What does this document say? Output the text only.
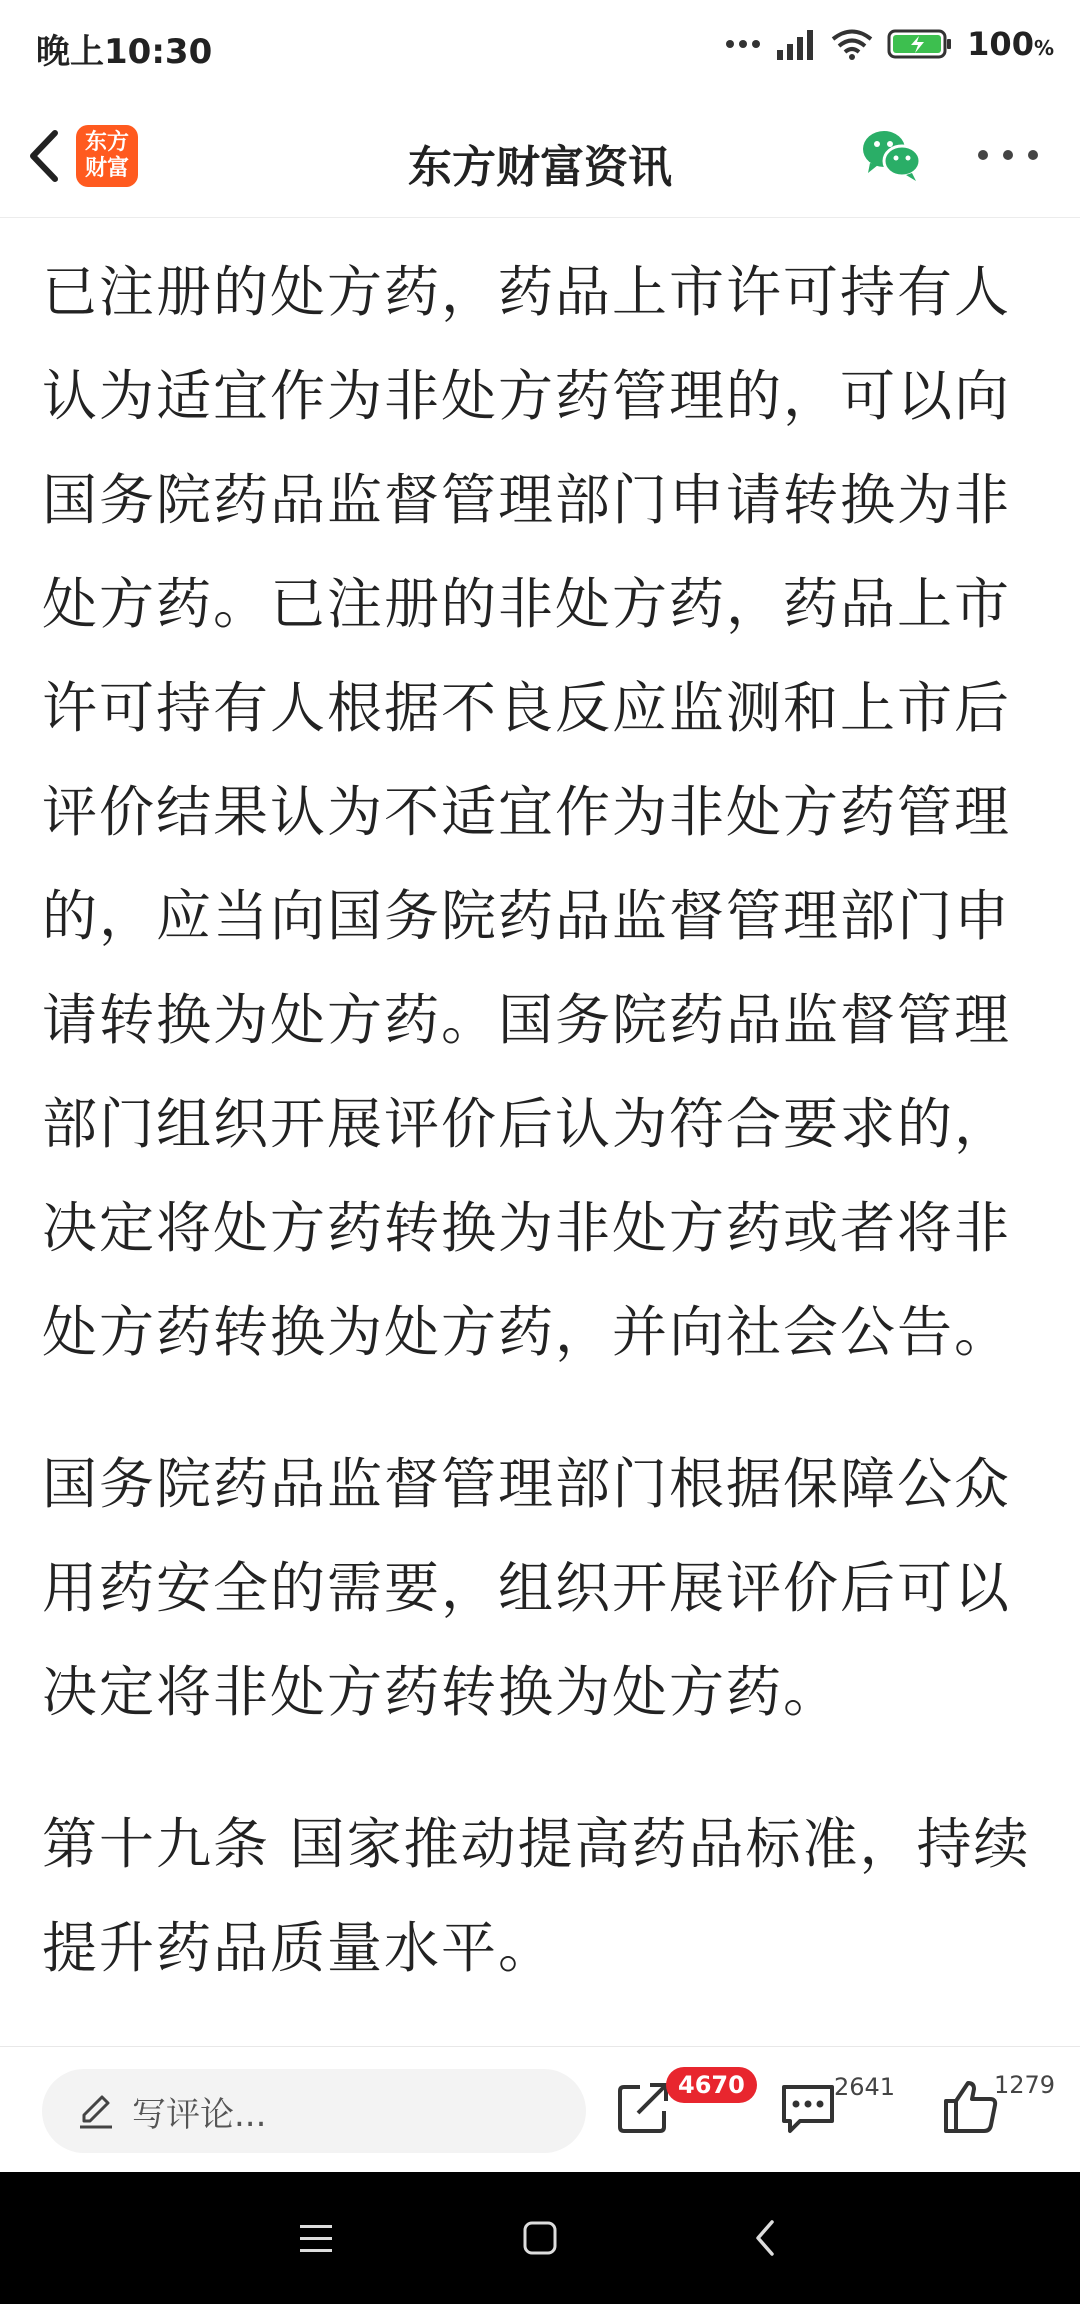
晚上10:30	100%
东方
财富	东方财富资讯

已注册的处方药，药品上市许可持有人认为适宜作为非处方药管理的，可以向国务院药品监督管理部门申请转换为非处方药。已注册的非处方药，药品上市许可持有人根据不良反应监测和上市后评价结果认为不适宜作为非处方药管理的，应当向国务院药品监督管理部门申请转换为处方药。国务院药品监督管理部门组织开展评价后认为符合要求的，决定将处方药转换为非处方药或者将非处方药转换为处方药，并向社会公告。

国务院药品监督管理部门根据保障公众用药安全的需要，组织开展评价后可以决定将非处方药转换为处方药。

第十九条 国家推动提高药品标准，持续提升药品质量水平。

写评论...
4670	2641	1279
